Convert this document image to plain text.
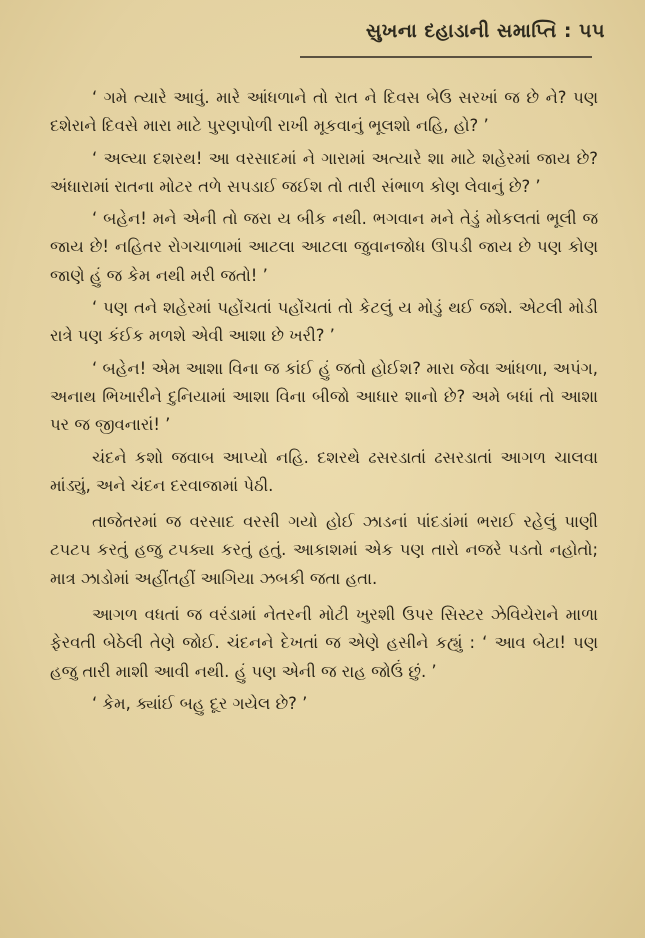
સુખના દહાડાની સમાપ્તિ : ૫૫

‘ ગમે ત્યારે આવું. મારે આંધળાને તો રાત ને દિવસ બેઉ સરખાં જ છે ને? પણ દશેરાને દિવસે મારા માટે પુરણપોળી રાખી મૂકવાનું ભૂલશો નહિ, હો? ’

‘ અલ્યા દશરથ! આ વરસાદમાં ને ગારામાં અત્યારે શા માટે શહેરમાં જાય છે? અંધારામાં રાતના મોટર તળે સપડાઈ જઈશ તો તારી સંભાળ કોણ લેવાનું છે? ’

‘ બહેન! મને એની તો જરા ય બીક નથી. ભગવાન મને તેડું મોકલતાં ભૂલી જ જાય છે! નહિતર રોગચાળામાં આટલા આટલા જુવાનજોધ ઊપડી જાય છે પણ કોણ જાણે હું જ કેમ નથી મરી જતો! ’

‘ પણ તને શહેરમાં પહોંચતાં પહોંચતાં તો કેટલું ય મોડું થઈ જશે. એટલી મોડી રાત્રે પણ કંઈક મળશે એવી આશા છે ખરી? ’

‘ બહેન! એમ આશા વિના જ કાંઈ હું જતો હોઈશ? મારા જેવા આંધળા, અપંગ, અનાથ ભિખારીને દુનિયામાં આશા વિના બીજો આધાર શાનો છે? અમે બધાં તો આશા પર જ જીવનારાં! ’

ચંદને કશો જવાબ આપ્યો નહિ. દશરથે ઢસરડાતાં ઢસરડાતાં આગળ ચાલવા માંડ્યું, અને ચંદન દરવાજામાં પેઠી.

તાજેતરમાં જ વરસાદ વરસી ગયો હોઈ ઝાડનાં પાંદડાંમાં ભરાઈ રહેલું પાણી ટપટપ કરતું હજુ ટપક્યા કરતું હતું. આકાશમાં એક પણ તારો નજરે પડતો નહોતો; માત્ર ઝાડોમાં અહીંતહીં આગિયા ઝબકી જતા હતા.

આગળ વધતાં જ વરંડામાં નેતરની મોટી ખુરશી ઉપર સિસ્ટર ઝેવિયેરાને માળા ફેરવતી બેઠેલી તેણે જોઈ. ચંદનને દેખતાં જ એણે હસીને કહ્યું : ‘ આવ બેટા! પણ હજુ તારી માશી આવી નથી. હું પણ એની જ રાહ જોઉં છું. ’

‘ કેમ, ક્યાંઈ બહુ દૂર ગયેલ છે? ’
